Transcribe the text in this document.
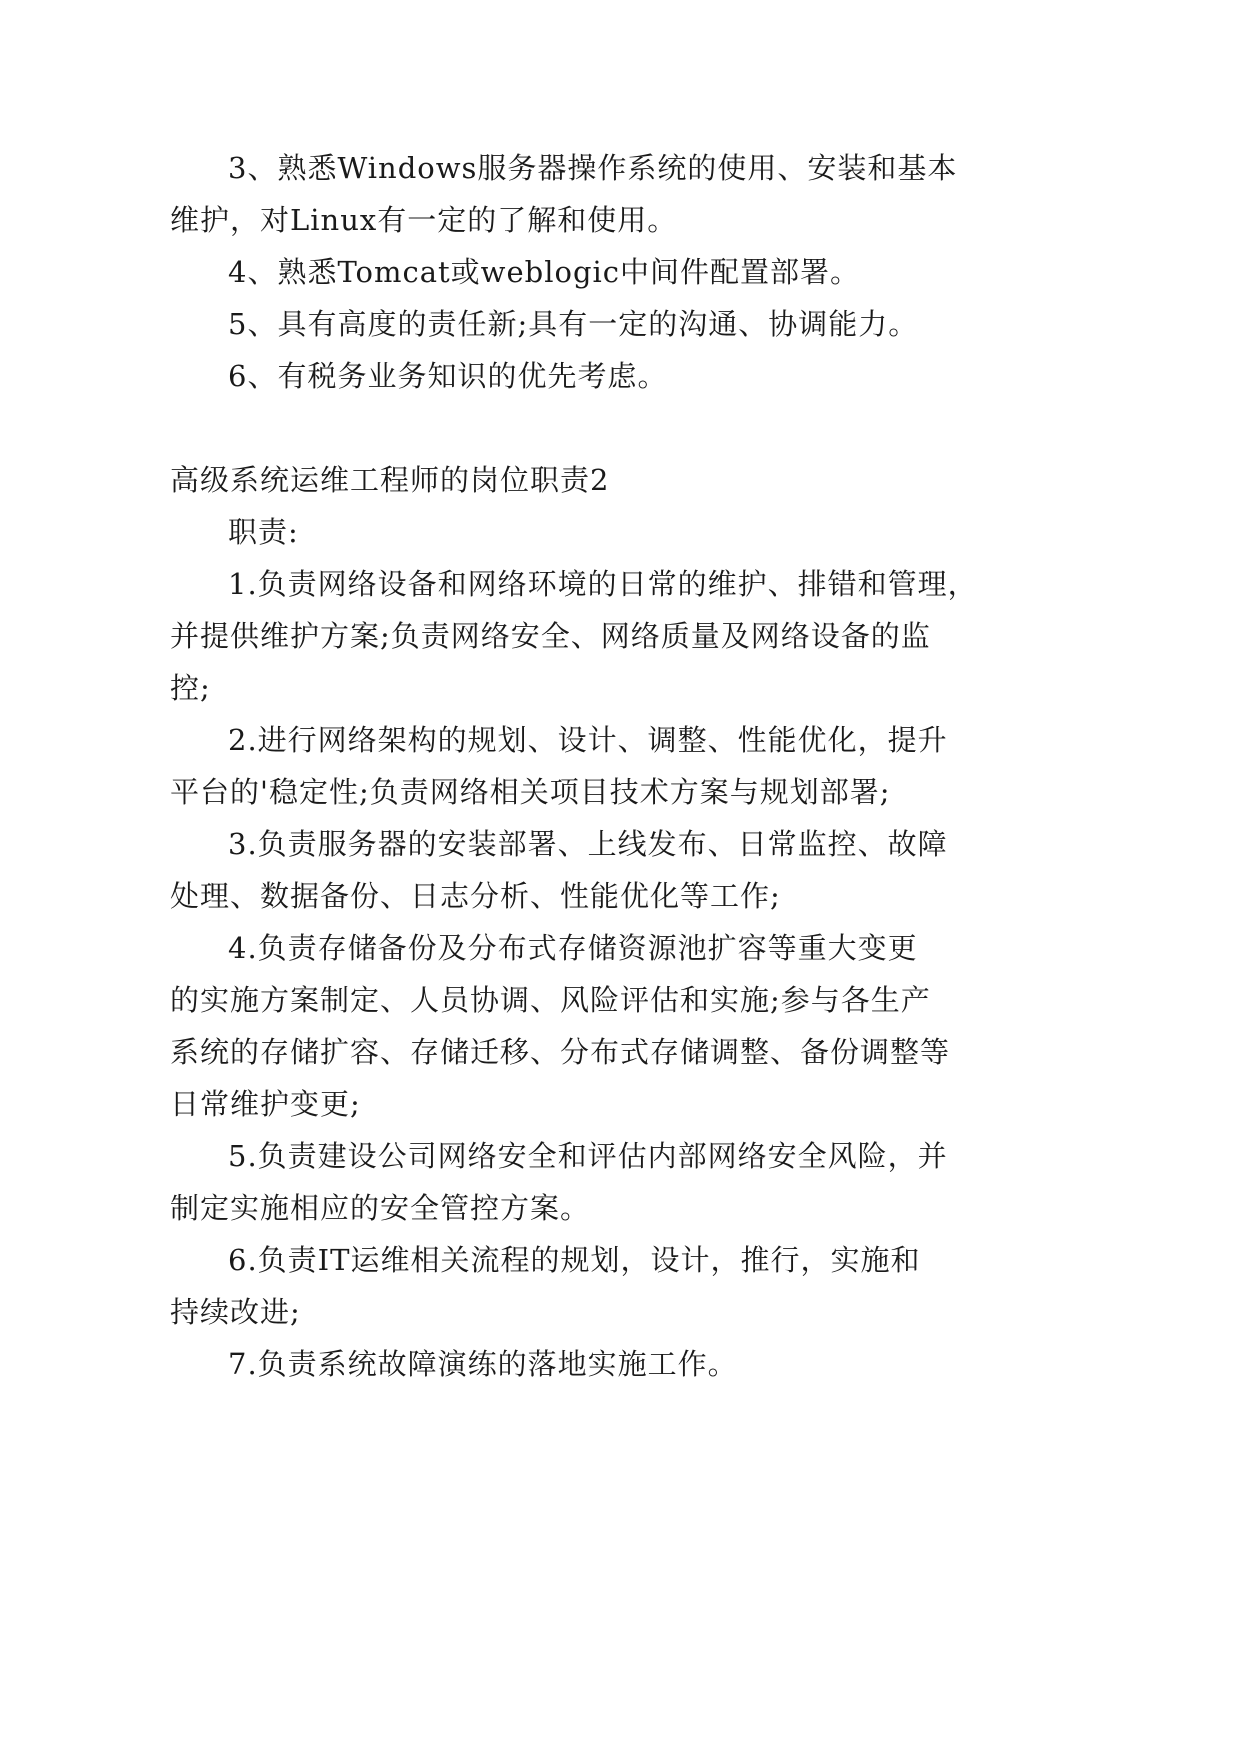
3、熟悉Windows服务器操作系统的使用、安装和基本
维护，对Linux有一定的了解和使用。
4、熟悉Tomcat或weblogic中间件配置部署。
5、具有高度的责任新;具有一定的沟通、协调能力。
6、有税务业务知识的优先考虑。
高级系统运维工程师的岗位职责2
职责:
1.负责网络设备和网络环境的日常的维护、排错和管理，
并提供维护方案;负责网络安全、网络质量及网络设备的监
控;
2.进行网络架构的规划、设计、调整、性能优化，提升
平台的'稳定性;负责网络相关项目技术方案与规划部署;
3.负责服务器的安装部署、上线发布、日常监控、故障
处理、数据备份、日志分析、性能优化等工作;
4.负责存储备份及分布式存储资源池扩容等重大变更
的实施方案制定、人员协调、风险评估和实施;参与各生产
系统的存储扩容、存储迁移、分布式存储调整、备份调整等
日常维护变更;
5.负责建设公司网络安全和评估内部网络安全风险，并
制定实施相应的安全管控方案。
6.负责IT运维相关流程的规划，设计，推行，实施和
持续改进;
7.负责系统故障演练的落地实施工作。
